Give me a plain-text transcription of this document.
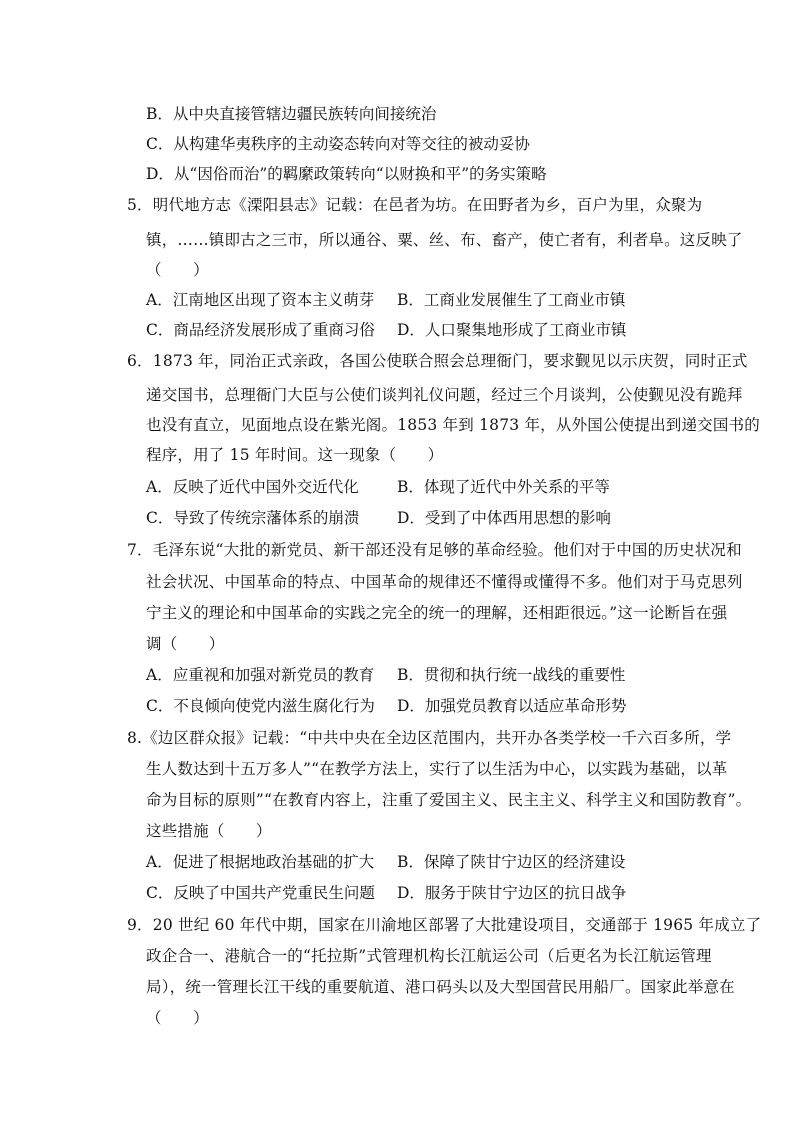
B．从中央直接管辖边疆民族转向间接统治
C．从构建华夷秩序的主动姿态转向对等交往的被动妥协
D．从“因俗而治”的羁縻政策转向“以财换和平”的务实策略
5．明代地方志《溧阳县志》记载：在邑者为坊。在田野者为乡，百户为里，众聚为
镇，……镇即古之三市，所以通谷、粟、丝、布、畜产，使亡者有，利者阜。这反映了
（　　）
A．江南地区出现了资本主义萌芽 B．工商业发展催生了工商业市镇
C．商品经济发展形成了重商习俗 D．人口聚集地形成了工商业市镇
6．1873 年，同治正式亲政，各国公使联合照会总理衙门，要求觐见以示庆贺，同时正式
递交国书，总理衙门大臣与公使们谈判礼仪问题，经过三个月谈判，公使觐见没有跪拜
也没有直立，见面地点设在紫光阁。1853 年到 1873 年，从外国公使提出到递交国书的
程序，用了 15 年时间。这一现象（　　）
A．反映了近代中国外交近代化 B．体现了近代中外关系的平等
C．导致了传统宗藩体系的崩溃 D．受到了中体西用思想的影响
7．毛泽东说“大批的新党员、新干部还没有足够的革命经验。他们对于中国的历史状况和
社会状况、中国革命的特点、中国革命的规律还不懂得或懂得不多。他们对于马克思列
宁主义的理论和中国革命的实践之完全的统一的理解，还相距很远。”这一论断旨在强
调（　　）
A．应重视和加强对新党员的教育 B．贯彻和执行统一战线的重要性
C．不良倾向使党内滋生腐化行为 D．加强党员教育以适应革命形势
8.《边区群众报》记载：“中共中央在全边区范围内，共开办各类学校一千六百多所，学
生人数达到十五万多人”“在教学方法上，实行了以生活为中心，以实践为基础，以革
命为目标的原则”“在教育内容上，注重了爱国主义、民主主义、科学主义和国防教育”。
这些措施（　　）
A．促进了根据地政治基础的扩大 B．保障了陕甘宁边区的经济建设
C．反映了中国共产党重民生问题 D．服务于陕甘宁边区的抗日战争
9．20 世纪 60 年代中期，国家在川渝地区部署了大批建设项目，交通部于 1965 年成立了
政企合一、港航合一的“托拉斯”式管理机构长江航运公司（后更名为长江航运管理
局），统一管理长江干线的重要航道、港口码头以及大型国营民用船厂。国家此举意在
（　　）
